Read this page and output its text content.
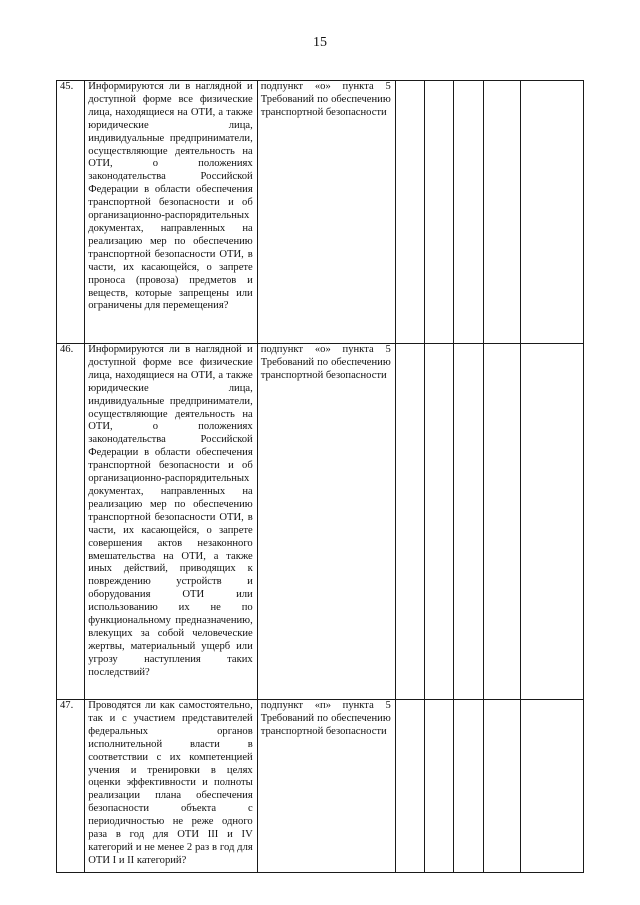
15
45.	Информируются ли в наглядной и доступной форме все физические лица, находящиеся на ОТИ, а также юридические лица, индивидуальные предприниматели, осуществляющие деятельность на ОТИ, о положениях законодательства Российской Федерации в области обеспечения транспортной безопасности и об организационно-распорядительных документах, направленных на реализацию мер по обеспечению транспортной безопасности ОТИ, в части, их касающейся, о запрете проноса (провоза) предметов и веществ, которые запрещены или ограничены для перемещения?	подпункт «о» пункта 5 Требований по обеспечению транспортной безопасности					
46.	Информируются ли в наглядной и доступной форме все физические лица, находящиеся на ОТИ, а также юридические лица, индивидуальные предприниматели, осуществляющие деятельность на ОТИ, о положениях законодательства Российской Федерации в области обеспечения транспортной безопасности и об организационно-распорядительных документах, направленных на реализацию мер по обеспечению транспортной безопасности ОТИ, в части, их касающейся, о запрете совершения актов незаконного вмешательства на ОТИ, а также иных действий, приводящих к повреждению устройств и оборудования ОТИ или использованию их не по функциональному предназначению, влекущих за собой человеческие жертвы, материальный ущерб или угрозу наступления таких последствий?	подпункт «о» пункта 5 Требований по обеспечению транспортной безопасности					
47.	Проводятся ли как самостоятельно, так и с участием представителей федеральных органов исполнительной власти в соответствии с их компетенцией учения и тренировки в целях оценки эффективности и полноты реализации плана обеспечения безопасности объекта с периодичностью не реже одного раза в год для ОТИ III и IV категорий и не менее 2 раз в год для ОТИ I и II категорий?	подпункт «п» пункта 5 Требований по обеспечению транспортной безопасности					
